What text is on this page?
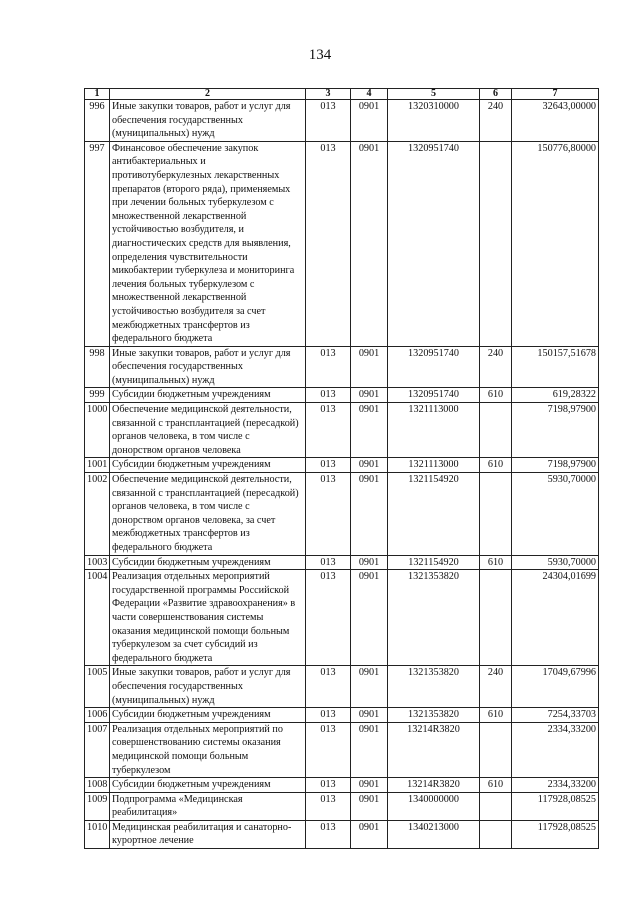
134
1	2	3	4	5	6	7
996	Иные закупки товаров, работ и услуг для обеспечения государственных (муниципальных) нужд	013	0901	1320310000	240	32643,00000
997	Финансовое обеспечение закупок антибактериальных и противотуберкулезных лекарственных препаратов (второго ряда), применяемых при лечении больных туберкулезом с множественной лекарственной устойчивостью возбудителя, и диагностических средств для выявления, определения чувствительности микобактерии туберкулеза и мониторинга лечения больных туберкулезом с множественной лекарственной устойчивостью возбудителя за счет межбюджетных трансфертов из федерального бюджета	013	0901	1320951740		150776,80000
998	Иные закупки товаров, работ и услуг для обеспечения государственных (муниципальных) нужд	013	0901	1320951740	240	150157,51678
999	Субсидии бюджетным учреждениям	013	0901	1320951740	610	619,28322
1000	Обеспечение медицинской деятельности, связанной с трансплантацией (пересадкой) органов человека, в том числе с донорством органов человека	013	0901	1321113000		7198,97900
1001	Субсидии бюджетным учреждениям	013	0901	1321113000	610	7198,97900
1002	Обеспечение медицинской деятельности, связанной с трансплантацией (пересадкой) органов человека, в том числе с донорством органов человека, за счет межбюджетных трансфертов из федерального бюджета	013	0901	1321154920		5930,70000
1003	Субсидии бюджетным учреждениям	013	0901	1321154920	610	5930,70000
1004	Реализация отдельных мероприятий государственной программы Российской Федерации «Развитие здравоохранения» в части совершенствования системы оказания медицинской помощи больным туберкулезом за счет субсидий из федерального бюджета	013	0901	1321353820		24304,01699
1005	Иные закупки товаров, работ и услуг для обеспечения государственных (муниципальных) нужд	013	0901	1321353820	240	17049,67996
1006	Субсидии бюджетным учреждениям	013	0901	1321353820	610	7254,33703
1007	Реализация отдельных мероприятий по совершенствованию системы оказания медицинской помощи больным туберкулезом	013	0901	13214R3820		2334,33200
1008	Субсидии бюджетным учреждениям	013	0901	13214R3820	610	2334,33200
1009	Подпрограмма «Медицинская реабилитация»	013	0901	1340000000		117928,08525
1010	Медицинская реабилитация и санаторно-курортное лечение	013	0901	1340213000		117928,08525
